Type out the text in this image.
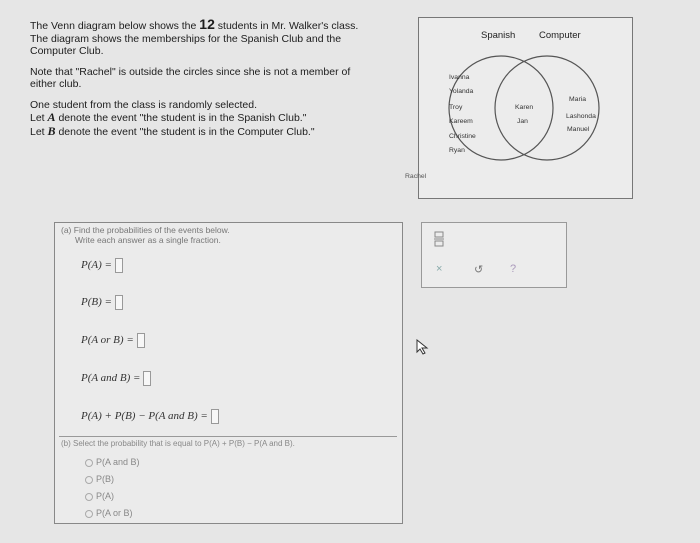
The Venn diagram below shows the 12 students in Mr. Walker's class.
The diagram shows the memberships for the Spanish Club and the Computer Club.

Note that "Rachel" is outside the circles since she is not a member of either club.

One student from the class is randomly selected.
Let A denote the event "the student is in the Spanish Club."
Let B denote the event "the student is in the Computer Club."

Spanish Computer
Ivanna
Yolanda
Troy
Kareem
Christine
Ryan
Karen
Jan
Maria
Lashonda
Manuel
Rachel
(a) Find the probabilities of the events below.
Write each answer as a single fraction.
P(A) =
P(B) =
P(A or B) =
P(A and B) =
P(A) + P(B) − P(A and B) =
(b) Select the probability that is equal to P(A) + P(B) − P(A and B).
P(A and B)
P(B)
P(A)
P(A or B)
×	↺ ?
